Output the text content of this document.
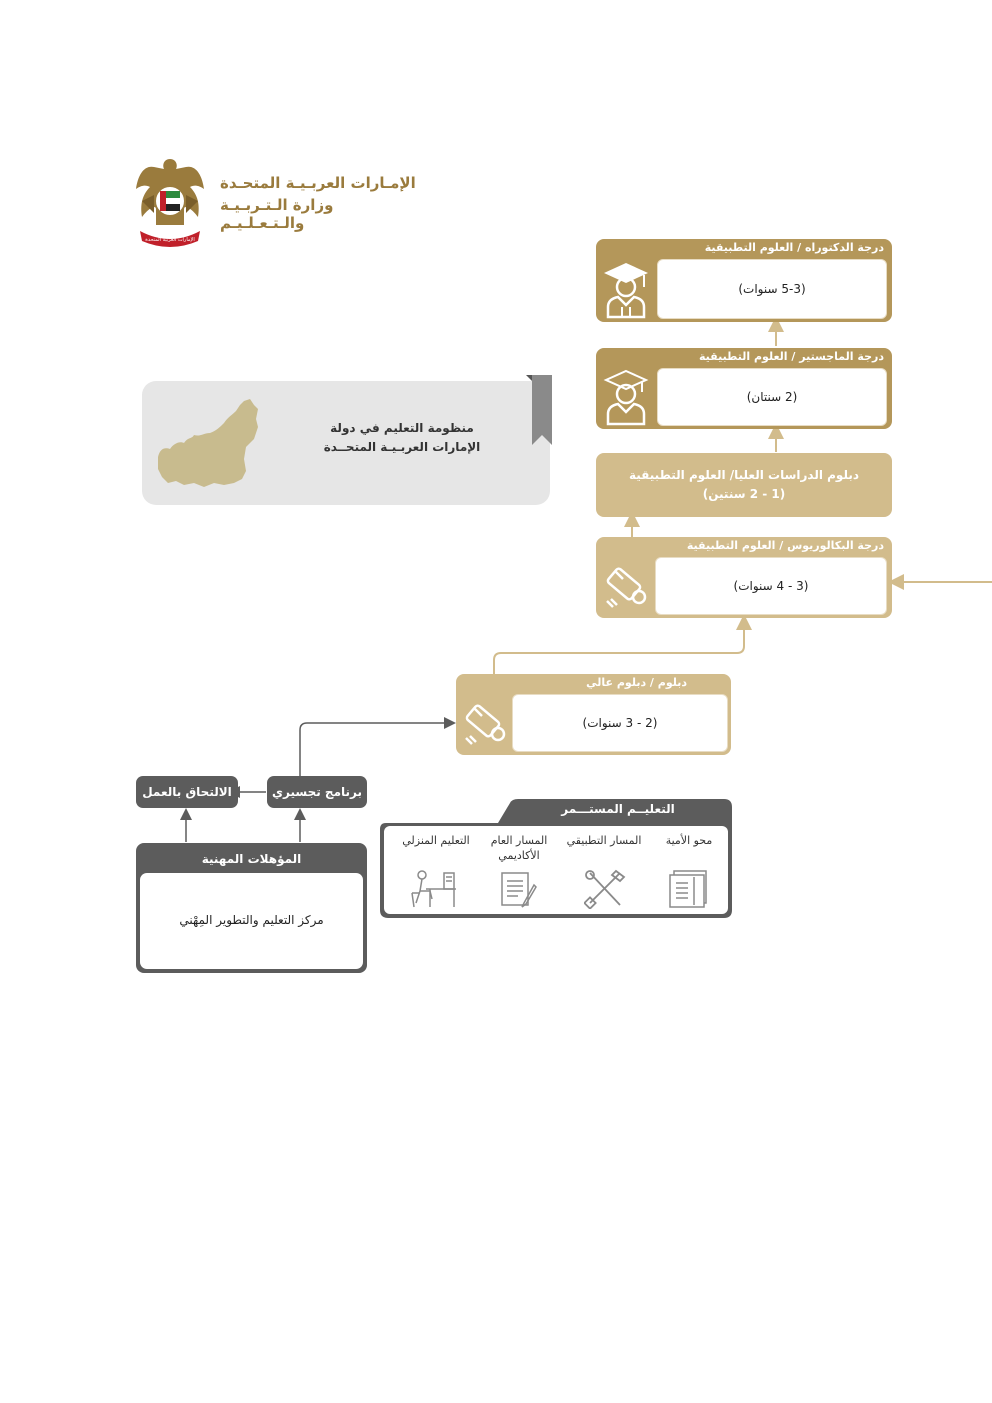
الإمارات العربية المتحدة
الإمـارات العربـيـة المتحـدة
وزارة الـتـربـيـة والـتـعـلـيـم
منظومة التعليم في دولة
الإمارات العربـيـة المتحــدة
درجة الدكتوراه / العلوم التطبيقية
(5-3 سنوات)
درجة الماجستير / العلوم التطبيقية
(2 سنتان)
دبلوم الدراسات العليا/ العلوم التطبيقية
(1 - 2 سنتين)
درجة البكالوريوس / العلوم التطبيقية
(3 - 4 سنوات)
دبلوم / دبلوم عالي
(2 - 3 سنوات)
الالتحاق بالعمل	برنامج تجسيري
المؤهلات المهنية
مركز التعليم والتطوير المِهْني
التعليــم المستـــمر
محو الأمية
المسار التطبيقي
المسار العام الأكاديمي
التعليم المنزلي
